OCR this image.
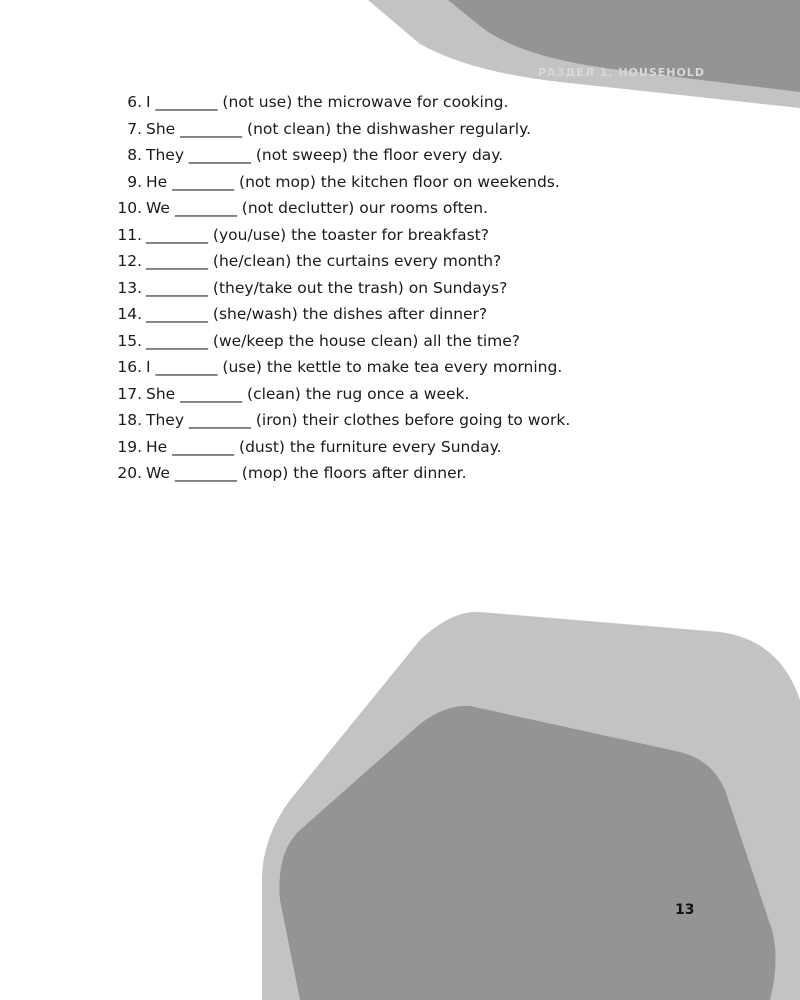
РАЗДЕЛ 1. HOUSEHOLD
6. I ________ (not use) the microwave for cooking.
7. She ________ (not clean) the dishwasher regularly.
8. They ________ (not sweep) the floor every day.
9. He ________ (not mop) the kitchen floor on weekends.
10. We ________ (not declutter) our rooms often.
11. ________ (you/use) the toaster for breakfast?
12. ________ (he/clean) the curtains every month?
13. ________ (they/take out the trash) on Sundays?
14. ________ (she/wash) the dishes after dinner?
15. ________ (we/keep the house clean) all the time?
16. I ________ (use) the kettle to make tea every morning.
17. She ________ (clean) the rug once a week.
18. They ________ (iron) their clothes before going to work.
19. He ________ (dust) the furniture every Sunday.
20. We ________ (mop) the floors after dinner.
13
